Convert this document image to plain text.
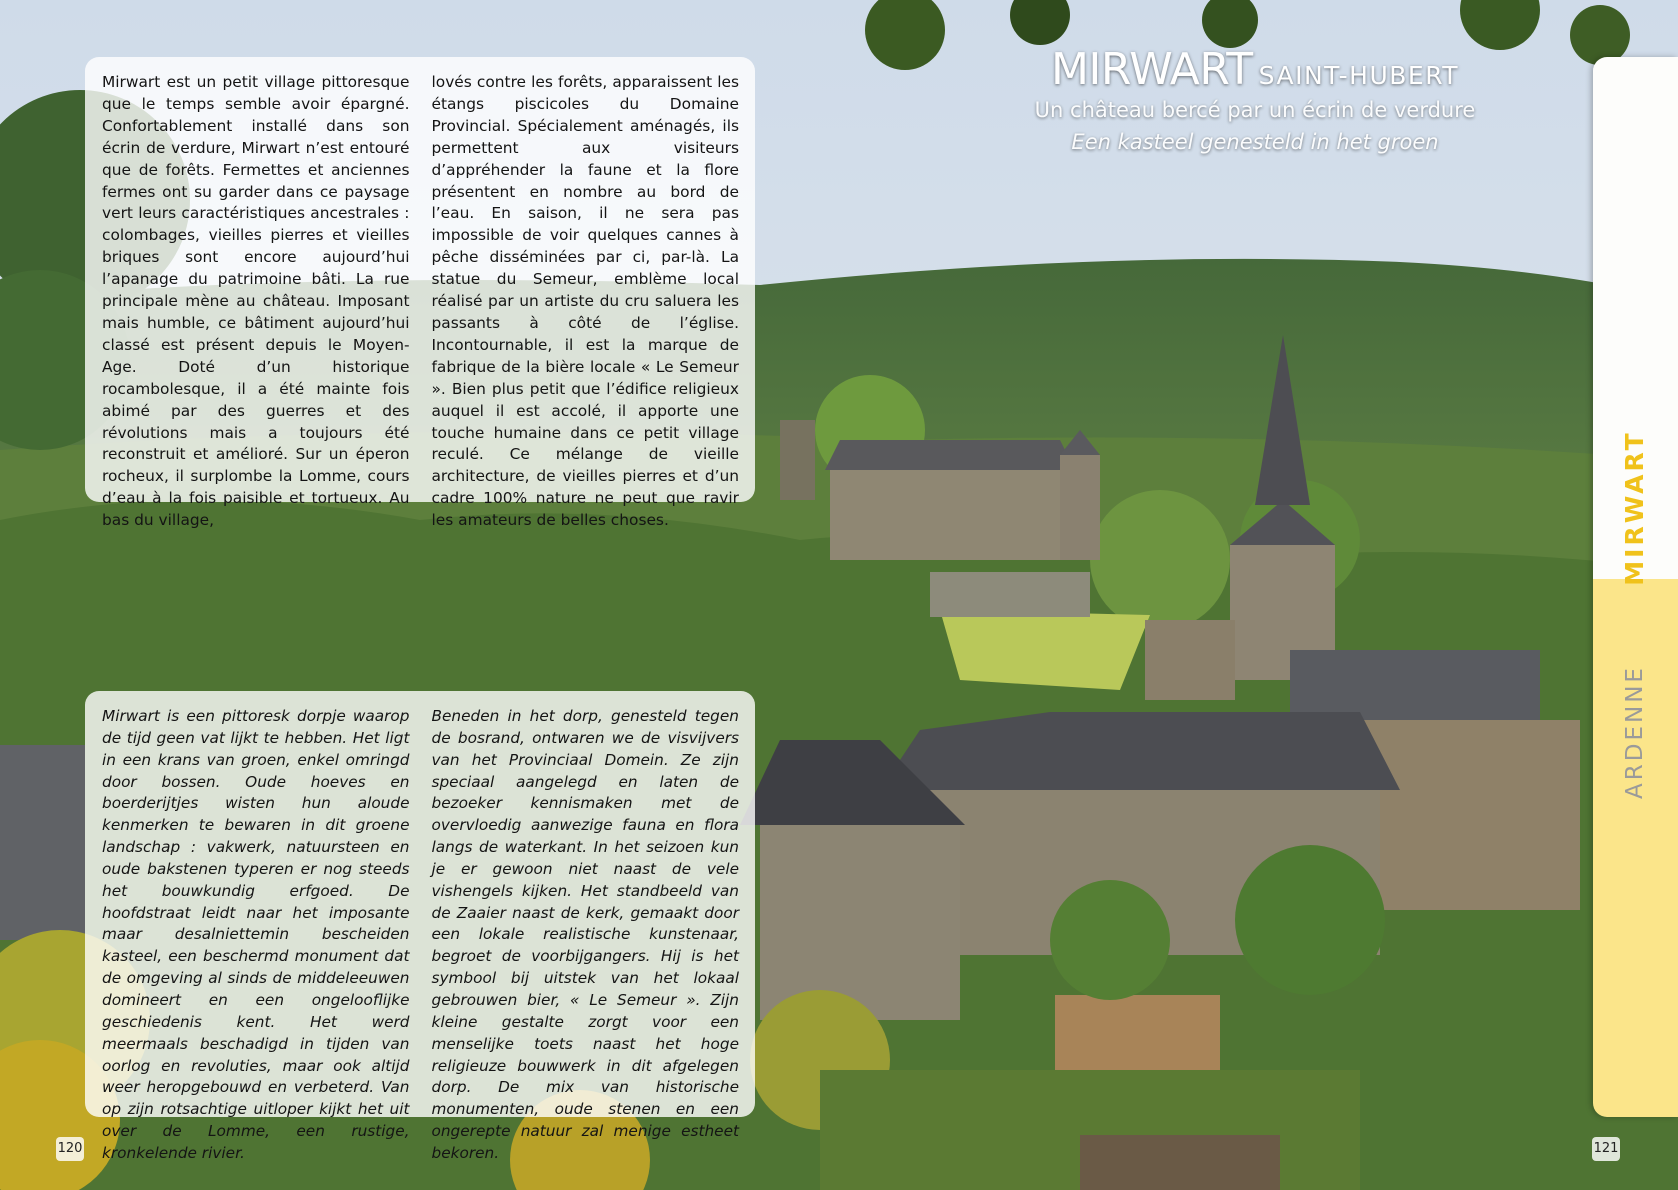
MIRWART SAINT-HUBERT
Un château bercé par un écrin de verdure
Een kasteel genesteld in het groen

Mirwart est un petit village pittoresque que le temps semble avoir épargné. Confortablement installé dans son écrin de verdure, Mirwart n’est entouré que de forêts. Fermettes et anciennes fermes ont su garder dans ce paysage vert leurs caractéristiques ancestrales : colombages, vieilles pierres et vieilles briques sont encore aujourd’hui l’apanage du patrimoine bâti. La rue principale mène au château. Imposant mais humble, ce bâtiment aujourd’hui classé est présent depuis le Moyen-Age. Doté d’un historique rocambolesque, il a été mainte fois abimé par des guerres et des révolutions mais a toujours été reconstruit et amélioré. Sur un éperon rocheux, il surplombe la Lomme, cours d’eau à la fois paisible et tortueux. Au bas du village,

lovés contre les forêts, apparaissent les étangs piscicoles du Domaine Provincial. Spécialement aménagés, ils permettent aux visiteurs d’appréhender la faune et la flore présentent en nombre au bord de l’eau. En saison, il ne sera pas impossible de voir quelques cannes à pêche disséminées par ci, par-là. La statue du Semeur, emblème local réalisé par un artiste du cru saluera les passants à côté de l’église. Incontournable, il est la marque de fabrique de la bière locale « Le Semeur ». Bien plus petit que l’édifice religieux auquel il est accolé, il apporte une touche humaine dans ce petit village reculé. Ce mélange de vieille architecture, de vieilles pierres et d’un cadre 100% nature ne peut que ravir les amateurs de belles choses.

Mirwart is een pittoresk dorpje waarop de tijd geen vat lijkt te hebben. Het ligt in een krans van groen, enkel omringd door bossen. Oude hoeves en boerderijtjes wisten hun aloude kenmerken te bewaren in dit groene landschap : vakwerk, natuursteen en oude bakstenen typeren er nog steeds het bouwkundig erfgoed. De hoofdstraat leidt naar het imposante maar desalniettemin bescheiden kasteel, een beschermd monument dat de omgeving al sinds de middeleeuwen domineert en een ongelooflijke geschiedenis kent. Het werd meermaals beschadigd in tijden van oorlog en revoluties, maar ook altijd weer heropgebouwd en verbeterd. Van op zijn rotsachtige uitloper kijkt het uit over de Lomme, een rustige, kronkelende rivier.

Beneden in het dorp, genesteld tegen de bosrand, ontwaren we de visvijvers van het Provinciaal Domein. Ze zijn speciaal aangelegd en laten de bezoeker kennismaken met de overvloedig aanwezige fauna en flora langs de waterkant. In het seizoen kun je er gewoon niet naast de vele vishengels kijken. Het standbeeld van de Zaaier naast de kerk, gemaakt door een lokale realistische kunstenaar, begroet de voorbijgangers. Hij is het symbool bij uitstek van het lokaal gebrouwen bier, « Le Semeur ». Zijn kleine gestalte zorgt voor een menselijke toets naast het hoge religieuze bouwwerk in dit afgelegen dorp. De mix van historische monumenten, oude stenen en een ongerepte natuur zal menige estheet bekoren.

MIRWART
ARDENNE
120	121
